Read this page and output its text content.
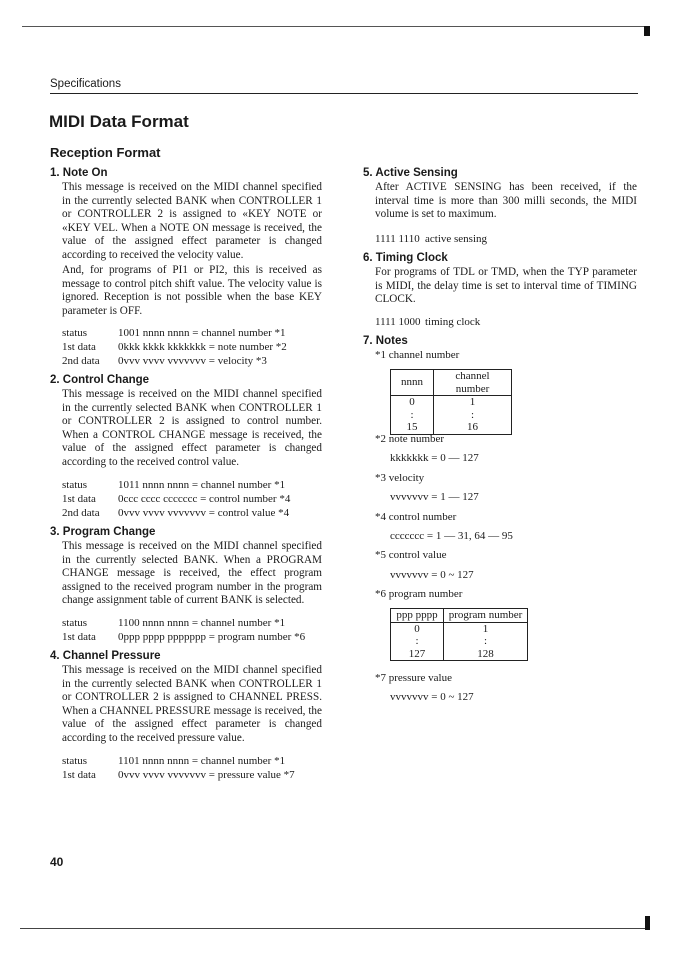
Specifications
MIDI Data Format
Reception Format
1. Note On
This message is received on the MIDI channel specified in the currently selected BANK when CONTROLLER 1 or CONTROLLER 2 is assigned to «KEY NOTE or «KEY VEL. When a NOTE ON message is received, the value of the assigned effect parameter is changed according to received the velocity value.
And, for programs of PI1 or PI2, this is received as message to control pitch shift value. The velocity value is ignored. Reception is not possible when the base KEY parameter is OFF.
status	1001 nnnn nnnn = channel number *1
1st data 0kkk kkkk kkkkkkk = note number *2
2nd data 0vvv vvvv vvvvvvv = velocity *3
2. Control Change
This message is received on the MIDI channel specified in the currently selected BANK when CONTROLLER 1 or CONTROLLER 2 is assigned to control number. When a CONTROL CHANGE message is received, the value of the assigned effect parameter is changed according to the received control value.
status	1011 nnnn nnnn = channel number *1
1st data 0ccc cccc ccccccc = control number *4
2nd data 0vvv vvvv vvvvvvv = control value *4
3. Program Change
This message is received on the MIDI channel specified in the currently selected BANK. When a PROGRAM CHANGE message is received, the effect program assigned to the received program number in the program change assignment table of current BANK is selected.
status	1100 nnnn nnnn = channel number *1
1st data 0ppp pppp ppppppp = program number *6
4. Channel Pressure
This message is received on the MIDI channel specified in the currently selected BANK when CONTROLLER 1 or CONTROLLER 2 is assigned to CHANNEL PRESS. When a CHANNEL PRESSURE message is received, the value of the assigned effect parameter is changed according to the received pressure value.
status	1101 nnnn nnnn = channel number *1
1st data 0vvv vvvv vvvvvvv = pressure value *7
5. Active Sensing
After ACTIVE SENSING has been received, if the interval time is more than 300 milli seconds, the MIDI volume is set to maximum.
1111 1110 active sensing
6. Timing Clock
For programs of TDL or TMD, when the TYP parameter is MIDI, the delay time is set to interval time of TIMING CLOCK.
1111 1000 timing clock
7. Notes
*1 channel number
nnnn	channel number
0	1
:	:
15	16
*2 note number
kkkkkkk = 0 — 127
*3 velocity
vvvvvvv = 1 — 127
*4 control number
ccccccc = 1 — 31, 64 — 95
*5 control value
vvvvvvv = 0 ~ 127
*6 program number
ppp pppp	program number
0	1
:	:
127	128
*7 pressure value
vvvvvvv = 0 ~ 127
40
